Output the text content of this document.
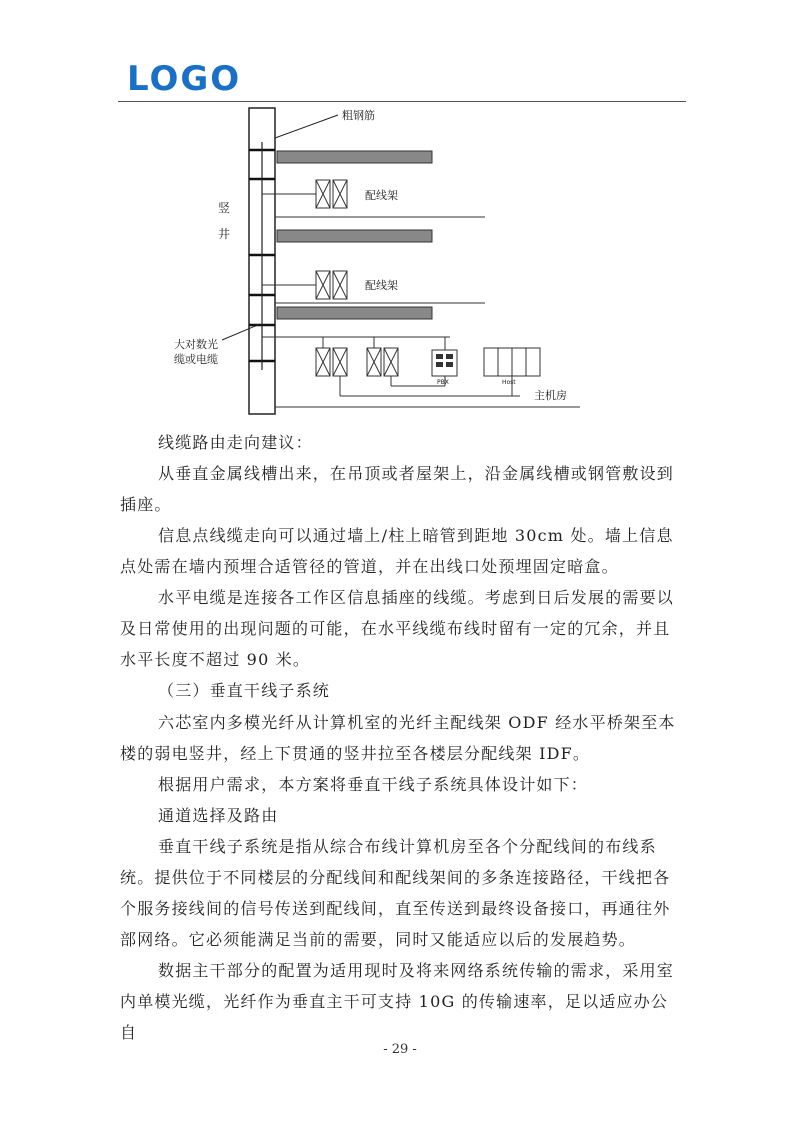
LOGO
粗钢筋
竖
井
配线架
配线架
大对数光
缆或电缆
PBX	Host
主机房

线缆路由走向建议：

从垂直金属线槽出来，在吊顶或者屋架上，沿金属线槽或钢管敷设到插座。

信息点线缆走向可以通过墙上/柱上暗管到距地 30cm 处。墙上信息点处需在墙内预埋合适管径的管道，并在出线口处预埋固定暗盒。

水平电缆是连接各工作区信息插座的线缆。考虑到日后发展的需要以及日常使用的出现问题的可能，在水平线缆布线时留有一定的冗余，并且水平长度不超过 90 米。

（三）垂直干线子系统

六芯室内多模光纤从计算机室的光纤主配线架 ODF 经水平桥架至本楼的弱电竖井，经上下贯通的竖井拉至各楼层分配线架 IDF。

根据用户需求，本方案将垂直干线子系统具体设计如下：

通道选择及路由

垂直干线子系统是指从综合布线计算机房至各个分配线间的布线系统。提供位于不同楼层的分配线间和配线架间的多条连接路径，干线把各个服务接线间的信号传送到配线间，直至传送到最终设备接口，再通往外部网络。它必须能满足当前的需要，同时又能适应以后的发展趋势。

数据主干部分的配置为适用现时及将来网络系统传输的需求，采用室内单模光缆，光纤作为垂直主干可支持 10G 的传输速率，足以适应办公自

- 29 -
